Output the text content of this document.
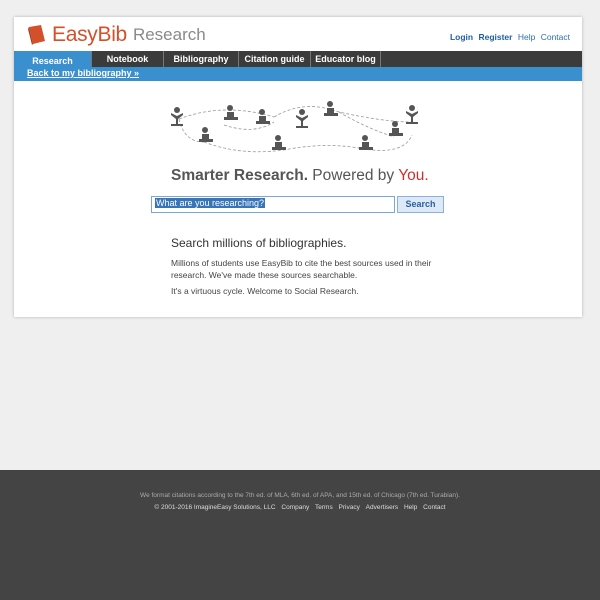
EasyBib Research	Login Register Help Contact
Research	Notebook	Bibliography	Citation guide	Educator blog
Back to my bibliography »
Smarter Research. Powered by You.
What are you researching?	Search
Search millions of bibliographies.

Millions of students use EasyBib to cite the best sources used in their research. We've made these sources searchable.

It's a virtuous cycle. Welcome to Social Research.

We format citations according to the 7th ed. of MLA, 6th ed. of APA, and 15th ed. of Chicago (7th ed. Turabian).
© 2001-2016 ImagineEasy Solutions, LLC Company Terms Privacy Advertisers Help Contact
